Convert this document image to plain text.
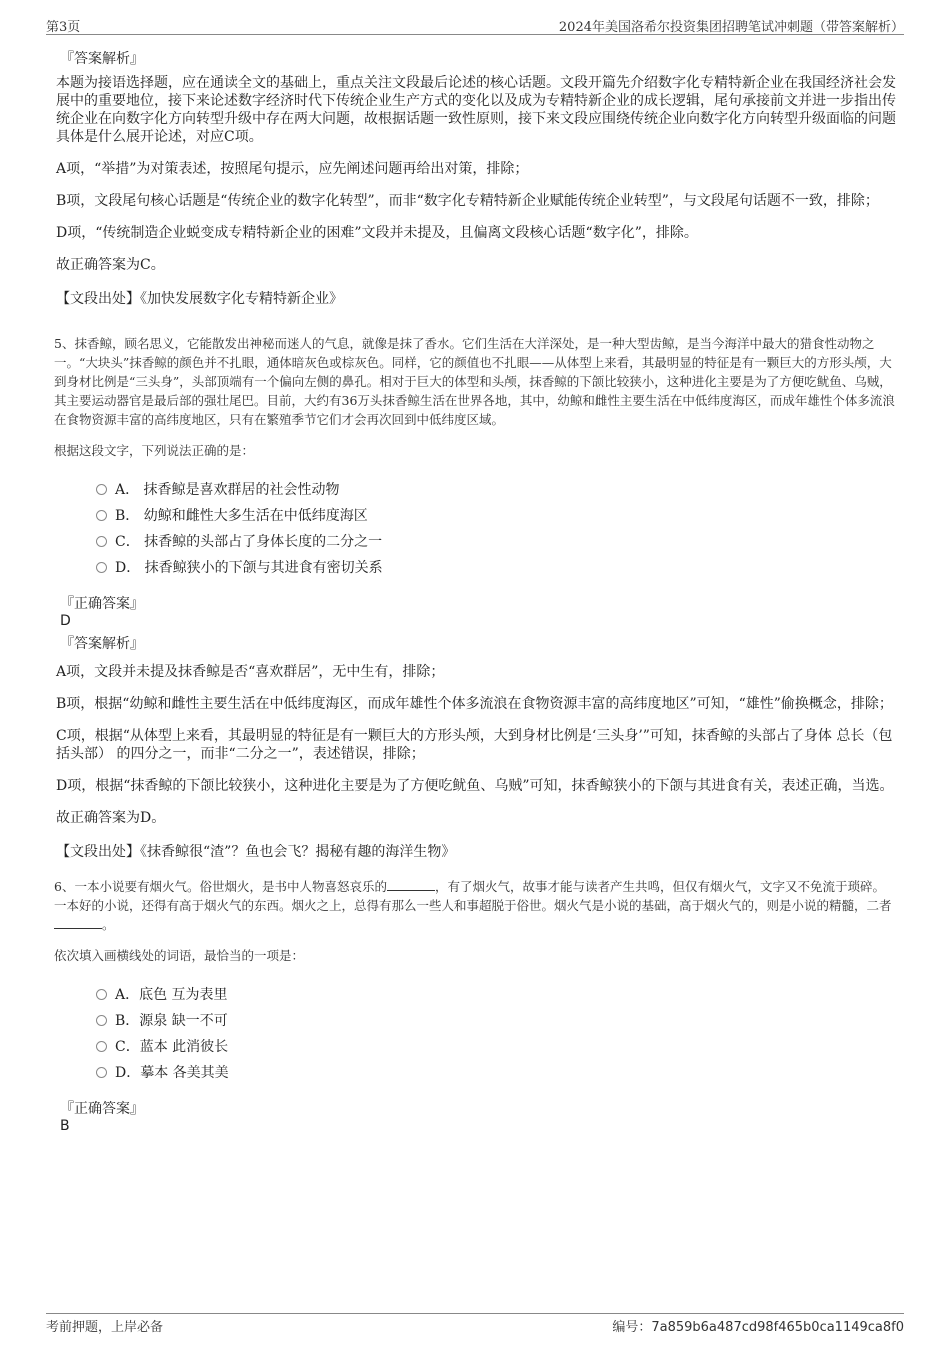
第3页	2024年美国洛希尔投资集团招聘笔试冲刺题（带答案解析）
『答案解析』
本题为接语选择题，应在通读全文的基础上，重点关注文段最后论述的核心话题。文段开篇先介绍数字化专精特新企业在我国经济社会发展中的重要地位，接下来论述数字经济时代下传统企业生产方式的变化以及成为专精特新企业的成长逻辑，尾句承接前文并进一步指出传统企业在向数字化方向转型升级中存在两大问题，故根据话题一致性原则，接下来文段应围绕传统企业向数字化方向转型升级面临的问题具体是什么展开论述，对应C项。
A项，“举措”为对策表述，按照尾句提示，应先阐述问题再给出对策，排除；
B项，文段尾句核心话题是“传统企业的数字化转型”，而非“数字化专精特新企业赋能传统企业转型”，与文段尾句话题不一致，排除；
D项，“传统制造企业蜕变成专精特新企业的困难”文段并未提及，且偏离文段核心话题“数字化”，排除。
故正确答案为C。
【文段出处】《加快发展数字化专精特新企业》
5、抹香鲸，顾名思义，它能散发出神秘而迷人的气息，就像是抹了香水。它们生活在大洋深处，是一种大型齿鲸，是当今海洋中最大的猎食性动物之一。“大块头”抹香鲸的颜色并不扎眼，通体暗灰色或棕灰色。同样，它的颜值也不扎眼——从体型上来看，其最明显的特征是有一颗巨大的方形头颅，大到身材比例是“三头身”，头部顶端有一个偏向左侧的鼻孔。相对于巨大的体型和头颅，抹香鲸的下颌比较狭小，这种进化主要是为了方便吃鱿鱼、乌贼，其主要运动器官是最后部的强壮尾巴。目前，大约有36万头抹香鲸生活在世界各地，其中，幼鲸和雌性主要生活在中低纬度海区，而成年雄性个体多流浪在食物资源丰富的高纬度地区，只有在繁殖季节它们才会再次回到中低纬度区域。
根据这段文字，下列说法正确的是：
A． 抹香鲸是喜欢群居的社会性动物
B． 幼鲸和雌性大多生活在中低纬度海区
C． 抹香鲸的头部占了身体长度的二分之一
D． 抹香鲸狭小的下颌与其进食有密切关系
『正确答案』
D
『答案解析』
A项，文段并未提及抹香鲸是否“喜欢群居”，无中生有，排除；
B项，根据“幼鲸和雌性主要生活在中低纬度海区，而成年雄性个体多流浪在食物资源丰富的高纬度地区”可知，“雄性”偷换概念，排除；
C项，根据“从体型上来看，其最明显的特征是有一颗巨大的方形头颅，大到身材比例是‘三头身’”可知，抹香鲸的头部占了身体 总长（包括头部） 的四分之一，而非“二分之一”，表述错误，排除；
D项，根据“抹香鲸的下颌比较狭小，这种进化主要是为了方便吃鱿鱼、乌贼”可知，抹香鲸狭小的下颌与其进食有关，表述正确，当选。
故正确答案为D。
【文段出处】《抹香鲸很“渣”？鱼也会飞？揭秘有趣的海洋生物》
6、一本小说要有烟火气。俗世烟火，是书中人物喜怒哀乐的	，有了烟火气，故事才能与读者产生共鸣，但仅有烟火气，文字又不免流于琐碎。一本好的小说，还得有高于烟火气的东西。烟火之上，总得有那么一些人和事超脱于俗世。烟火气是小说的基础，高于烟火气的，则是小说的精髓，二者。
依次填入画横线处的词语，最恰当的一项是：
A．底色 互为表里
B．源泉 缺一不可
C．蓝本 此消彼长
D．摹本 各美其美
『正确答案』
B
考前押题，上岸必备	编号：7a859b6a487cd98f465b0ca1149ca8f0
